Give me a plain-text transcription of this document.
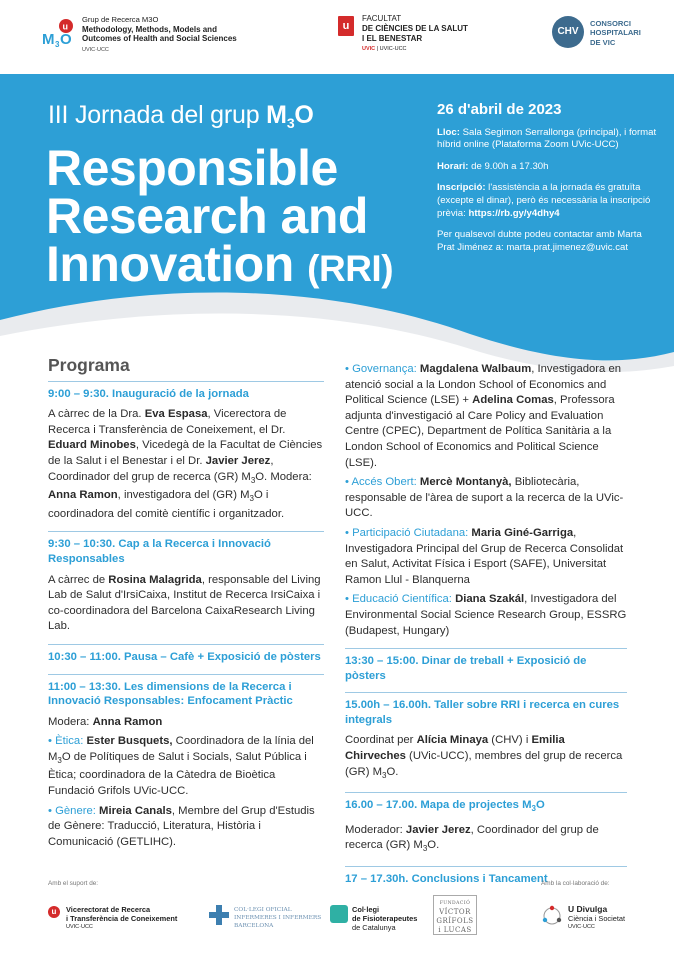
u
M 3 O
Grup de Recerca M3O
Methodology, Methods, Models and
Outcomes of Health and Social Sciences
UVIC·UCC
u
FACULTAT
DE CIÈNCIES DE LA SALUT
I EL BENESTAR
UVIC | UVIC-UCC
CHV
CONSORCI
HOSPITALARI
DE VIC
III Jornada del grup $M_3O$
Responsible
Research and
Innovation (RRI)
26 d'abril de 2023

Lloc: Sala Segimon Serrallonga (principal), i format híbrid online (Plataforma Zoom UVic-UCC)

Horari: de 9.00h a 17.30h

Inscripció: l'assistència a la jornada és gratuïta (excepte el dinar), però és necessària la inscripció prèvia: https://rb.gy/y4dhy4

Per qualsevol dubte podeu contactar amb Marta Prat Jiménez a: marta.prat.jimenez@uvic.cat

Programa
9:00 – 9:30. Inauguració de la jornada
A càrrec de la Dra. Eva Espasa, Vicerectora de Recerca i Transferència de Coneixement, el Dr. Eduard Minobes, Vicedegà de la Facultat de Ciències de la Salut i el Benestar i el Dr. Javier Jerez, Coordinador del grup de recerca (GR) $M_3O$. Modera: Anna Ramon, investigadora del (GR) $M_3O$ i coordinadora del comitè científic i organitzador.
9:30 – 10:30. Cap a la Recerca i Innovació Responsables
A càrrec de Rosina Malagrida, responsable del Living Lab de Salut d'IrsiCaixa, Institut de Recerca IrsiCaixa i co-coordinadora del Barcelona CaixaResearch Living Lab.
10:30 – 11:00. Pausa – Cafè + Exposició de pòsters
11:00 – 13:30. Les dimensions de la Recerca i Innovació Responsables: Enfocament Pràctic
Modera: Anna Ramon
• Ètica: Ester Busquets, Coordinadora de la línia del $M_3O$ de Polítiques de Salut i Socials, Salut Pública i Ètica; coordinadora de la Càtedra de Bioètica Fundació Grifols UVic-UCC.
• Gènere: Mireia Canals, Membre del Grup d'Estudis de Gènere: Traducció, Literatura, Història i Comunicació (GETLIHC).
• Governança: Magdalena Walbaum, Investigadora en atenció social a la London School of Economics and Political Science (LSE) + Adelina Comas, Professora adjunta d'investigació al Care Policy and Evaluation Centre (CPEC), Department de Política Sanitària a la London School of Economics and Political Science (LSE).
• Accés Obert: Mercè Montanyà, Bibliotecària, responsable de l'àrea de suport a la recerca de la UVic-UCC.
• Participació Ciutadana: Maria Giné-Garriga, Investigadora Principal del Grup de Recerca Consolidat en Salut, Activitat Física i Esport (SAFE), Universitat Ramon Llul - Blanquerna
• Educació Científica: Diana Szakál, Investigadora del Environmental Social Science Research Group, ESSRG (Budapest, Hungary)
13:30 – 15:00. Dinar de treball + Exposició de pòsters
15.00h – 16.00h. Taller sobre RRI i recerca en cures integrals
Coordinat per Alícia Minaya (CHV) i Emilia Chirveches (UVic-UCC), membres del grup de recerca (GR) $M_3O$.
16.00 – 17.00. Mapa de projectes $M_3O$
Moderador: Javier Jerez, Coordinador del grup de recerca (GR) $M_3O$.
17 – 17.30h. Conclusions i Tancament
Amb el suport de:	Amb la col·laboració de:
u	Vicerectorat de Recerca
i Transferència de Coneixement
UVIC·UCC
COL·LEGI OFICIAL
INFERMERES I INFERMERS
BARCELONA
Col·legi
de Fisioterapeutes
de Catalunya
FUNDACIÓ
VÍCTOR
GRÍFOLS
i LUCAS
U Divulga
Ciència i Societat
UVIC·UCC
